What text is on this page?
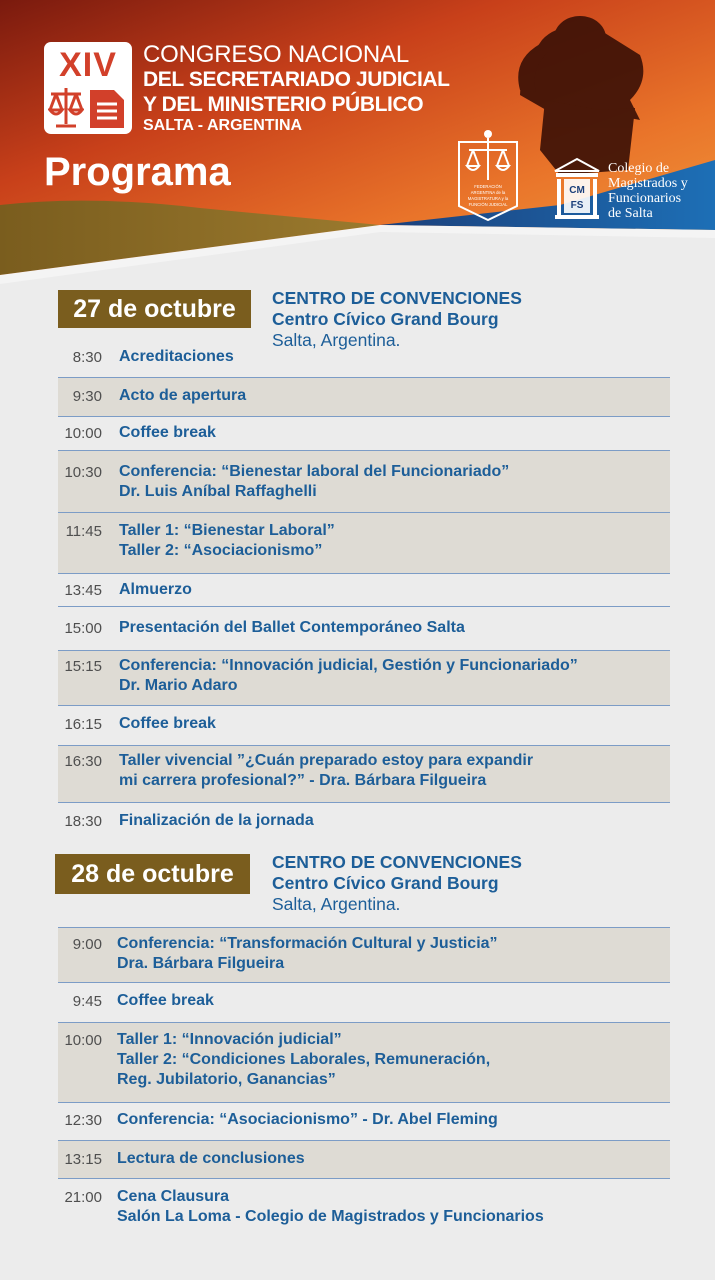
XIV	CONGRESO NACIONAL
DEL SECRETARIADO JUDICIAL
Y DEL MINISTERIO PÚBLICO
SALTA - ARGENTINA
Programa	FEDERACIÓN
ARGENTINA de la
MAGISTRATURA y la
FUNCIÓN JUDICIAL
CM
FS
Colegio de
Magistrados y
Funcionarios
de Salta
27 de octubre	CENTRO DE CONVENCIONES
Centro Cívico Grand Bourg
Salta, Argentina.
8:30 Acreditaciones
9:30 Acto de apertura
10:00 Coffee break
10:30 Conferencia: “Bienestar laboral del Funcionariado”
Dr. Luis Aníbal Raffaghelli
11:45 Taller 1: “Bienestar Laboral”
Taller 2: “Asociacionismo”
13:45 Almuerzo
15:00 Presentación del Ballet Contemporáneo Salta
15:15 Conferencia: “Innovación judicial, Gestión y Funcionariado”
Dr. Mario Adaro
16:15 Coffee break
16:30 Taller vivencial ”¿Cuán preparado estoy para expandir
mi carrera profesional?” - Dra. Bárbara Filgueira
18:30 Finalización de la jornada
28 de octubre	CENTRO DE CONVENCIONES
Centro Cívico Grand Bourg
Salta, Argentina.
9:00 Conferencia: “Transformación Cultural y Justicia”
Dra. Bárbara Filgueira
9:45 Coffee break
10:00 Taller 1: “Innovación judicial”
Taller 2: “Condiciones Laborales, Remuneración,
Reg. Jubilatorio, Ganancias”
12:30 Conferencia: “Asociacionismo” - Dr. Abel Fleming
13:15 Lectura de conclusiones
21:00 Cena Clausura
Salón La Loma - Colegio de Magistrados y Funcionarios
